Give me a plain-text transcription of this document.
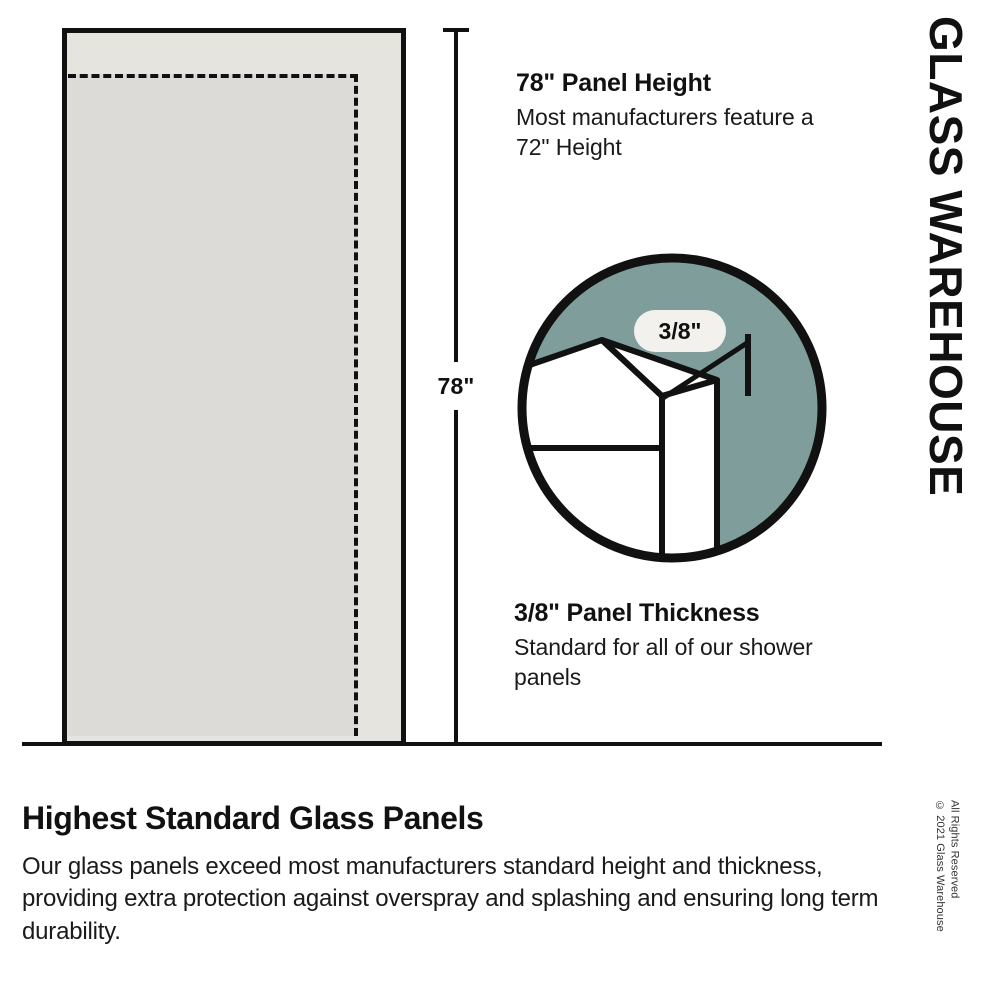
78"
78" Panel Height
Most manufacturers feature a 72" Height
3/8"
3/8" Panel Thickness
Standard for all of our shower panels
GLASS WAREHOUSE
© 2021 Glass Warehouse All Rights Reserved
Highest Standard Glass Panels
Our glass panels exceed most manufacturers standard height and thickness, providing extra protection against overspray and splashing and ensuring long term durability.
